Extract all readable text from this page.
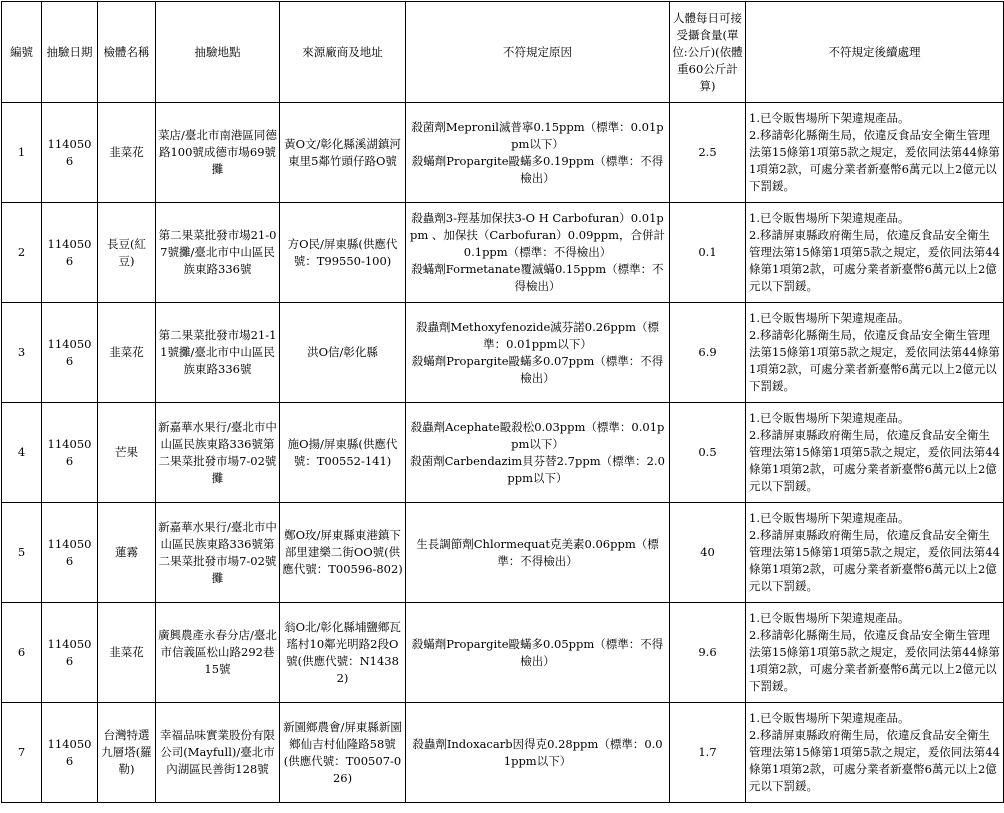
編號	抽驗日期	檢體名稱	抽驗地點	來源廠商及地址	不符規定原因	人體每日可接受攝食量(單位:公斤)(依體重60公斤計算)	不符規定後續處理
1	1140506	韭菜花	菜店/臺北市南港區同德路100號成德市場69號攤	黃O文/彰化縣溪湖鎮河東里5鄰竹頭仔路O號	殺菌劑Mepronil滅普寧0.15ppm（標準：0.01ppm以下）
殺蟎劑Propargite毆蟎多0.19ppm（標準：不得檢出）	2.5	1.已令販售場所下架違規產品。
2.移請彰化縣衛生局，依違反食品安全衛生管理法第15條第1項第5款之規定，爰依同法第44條第1項第2款，可處分業者新臺幣6萬元以上2億元以下罰鍰。

2	1140506	長豆(紅豆)	第二果菜批發市場21-07號攤/臺北市中山區民族東路336號	方O民/屏東縣(供應代號：T99550-100)	殺蟲劑3-羥基加保扶3-O H Carbofuran）0.01ppm 、加保扶（Carbofuran）0.09ppm，合併計0.1ppm（標準：不得檢出）
殺蟎劑Formetanate覆滅蟎0.15ppm（標準：不得檢出）	0.1	1.已令販售場所下架違規產品。
2.移請屏東縣政府衛生局，依違反食品安全衛生管理法第15條第1項第5款之規定，爰依同法第44條第1項第2款，可處分業者新臺幣6萬元以上2億元以下罰鍰。

3	1140506	韭菜花	第二果菜批發市場21-11號攤/臺北市中山區民族東路336號	洪O信/彰化縣	殺蟲劑Methoxyfenozide滅芬諾0.26ppm（標準：0.01ppm以下）
殺蟎劑Propargite毆蟎多0.07ppm（標準：不得檢出）	6.9	1.已令販售場所下架違規產品。
2.移請彰化縣衛生局，依違反食品安全衛生管理法第15條第1項第5款之規定，爰依同法第44條第1項第2款，可處分業者新臺幣6萬元以上2億元以下罰鍰。

4	1140506	芒果	新嘉華水果行/臺北市中山區民族東路336號第二果菜批發市場7-02號攤	施O揚/屏東縣(供應代號：T00552-141)	殺蟲劑Acephate毆殺松0.03ppm（標準：0.01ppm以下）
殺菌劑Carbendazim貝芬替2.7ppm（標準：2.0ppm以下）	0.5	1.已令販售場所下架違規產品。
2.移請屏東縣政府衛生局，依違反食品安全衛生管理法第15條第1項第5款之規定，爰依同法第44條第1項第2款，可處分業者新臺幣6萬元以上2億元以下罰鍰。

5	1140506	蓮霧	新嘉華水果行/臺北市中山區民族東路336號第二果菜批發市場7-02號攤	鄭O玫/屏東縣東港鎮下部里建樂二街OO號(供應代號：T00596-802)	生長調節劑Chlormequat克美素0.06ppm（標準：不得檢出）	40	1.已令販售場所下架違規產品。
2.移請屏東縣政府衛生局，依違反食品安全衛生管理法第15條第1項第5款之規定，爰依同法第44條第1項第2款，可處分業者新臺幣6萬元以上2億元以下罰鍰。

6	1140506	韭菜花	廣興農產永春分店/臺北市信義區松山路292巷15號	翁O北/彰化縣埔鹽鄉瓦瑤村10鄰光明路2段O號(供應代號：N14382)	殺蟎劑Propargite毆蟎多0.05ppm（標準：不得檢出）	9.6	1.已令販售場所下架違規產品。
2.移請彰化縣衛生局，依違反食品安全衛生管理法第15條第1項第5款之規定，爰依同法第44條第1項第2款，可處分業者新臺幣6萬元以上2億元以下罰鍰。

7	1140506	台灣特選九層塔(羅勒)	幸福品味實業股份有限公司(Mayfull)/臺北市內湖區民善街128號	新園鄉農會/屏東縣新園鄉仙吉村仙隆路58號(供應代號：T00507-026)	殺蟲劑Indoxacarb因得克0.28ppm（標準：0.01ppm以下）	1.7	1.已令販售場所下架違規產品。
2.移請屏東縣政府衛生局，依違反食品安全衛生管理法第15條第1項第5款之規定，爰依同法第44條第1項第2款，可處分業者新臺幣6萬元以上2億元以下罰鍰。
